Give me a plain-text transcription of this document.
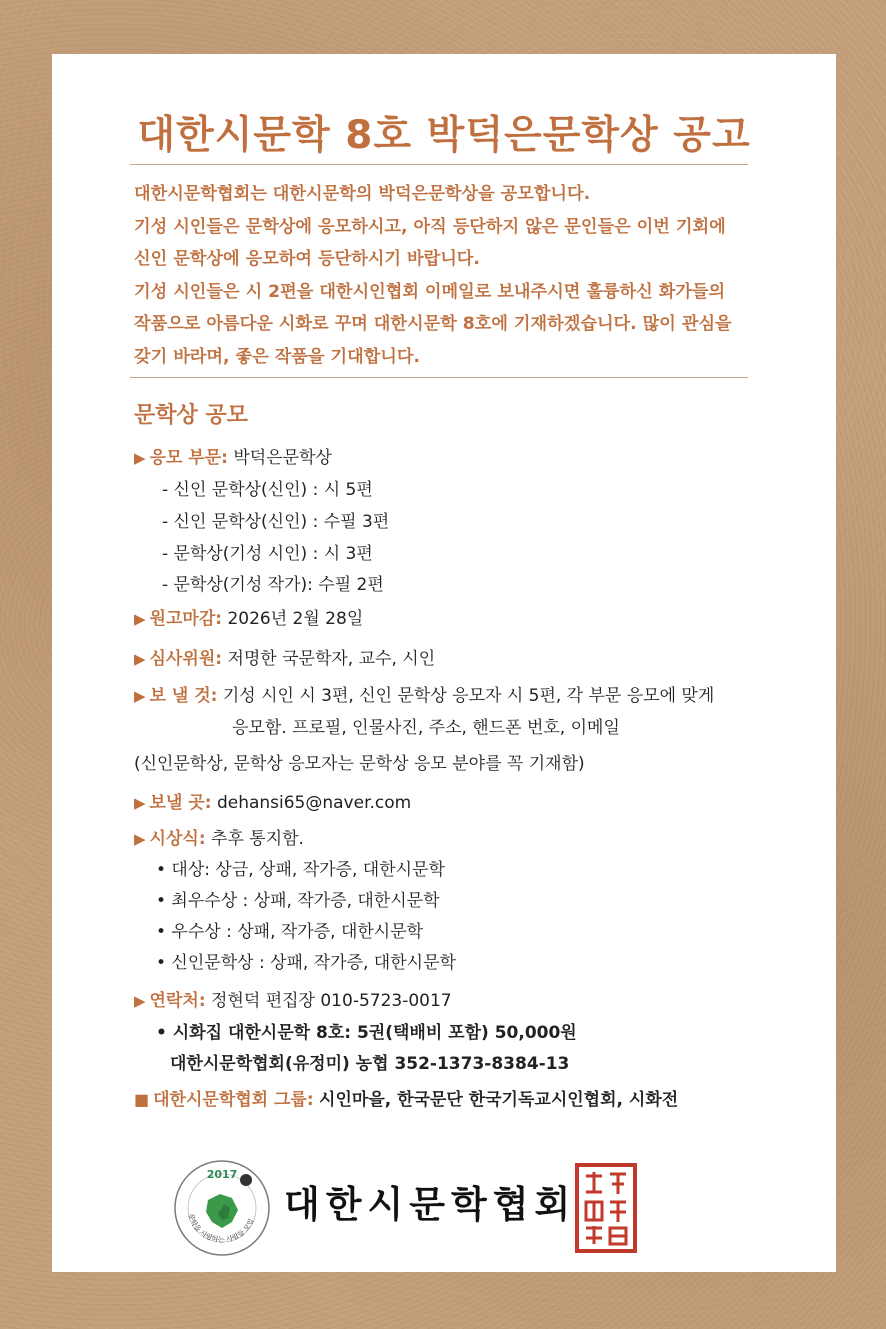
대한시문학 8호 박덕은문학상 공고
대한시문학협회는 대한시문학의 박덕은문학상을 공모합니다.
기성 시인들은 문학상에 응모하시고, 아직 등단하지 않은 문인들은 이번 기회에
신인 문학상에 응모하여 등단하시기 바랍니다.
기성 시인들은 시 2편을 대한시인협회 이메일로 보내주시면 훌륭하신 화가들의
작품으로 아름다운 시화로 꾸며 대한시문학 8호에 기재하겠습니다. 많이 관심을
갖기 바라며, 좋은 작품을 기대합니다.
문학상 공모
▶ 응모 부문: 박덕은문학상
- 신인 문학상(신인) : 시 5편
- 신인 문학상(신인) : 수필 3편
- 문학상(기성 시인) : 시 3편
- 문학상(기성 작가): 수필 2편
▶ 원고마감: 2026년 2월 28일
▶ 심사위원: 저명한 국문학자, 교수, 시인
▶ 보 낼 것: 기성 시인 시 3편, 신인 문학상 응모자 시 5편, 각 부문 응모에 맞게
응모함. 프로필, 인물사진, 주소, 핸드폰 번호, 이메일
(신인문학상, 문학상 응모자는 문학상 응모 분야를 꼭 기재함)
▶ 보낼 곳: dehansi65@naver.com
▶ 시상식: 추후 통지함.
• 대상: 상금, 상패, 작가증, 대한시문학
• 최우수상 : 상패, 작가증, 대한시문학
• 우수상 : 상패, 작가증, 대한시문학
• 신인문학상 : 상패, 작가증, 대한시문학
▶ 연락처: 정현덕 편집장 010-5723-0017
• 시화집 대한시문학 8호: 5권(택배비 포함) 50,000원
대한시문학협회(유정미) 농협 352-1373-8384-13
■ 대한시문학협회 그룹: 시인마을, 한국문단 한국기독교시인협회, 시화전
2017
문학을 사랑하는 사람들 모임 대한시문학협회
